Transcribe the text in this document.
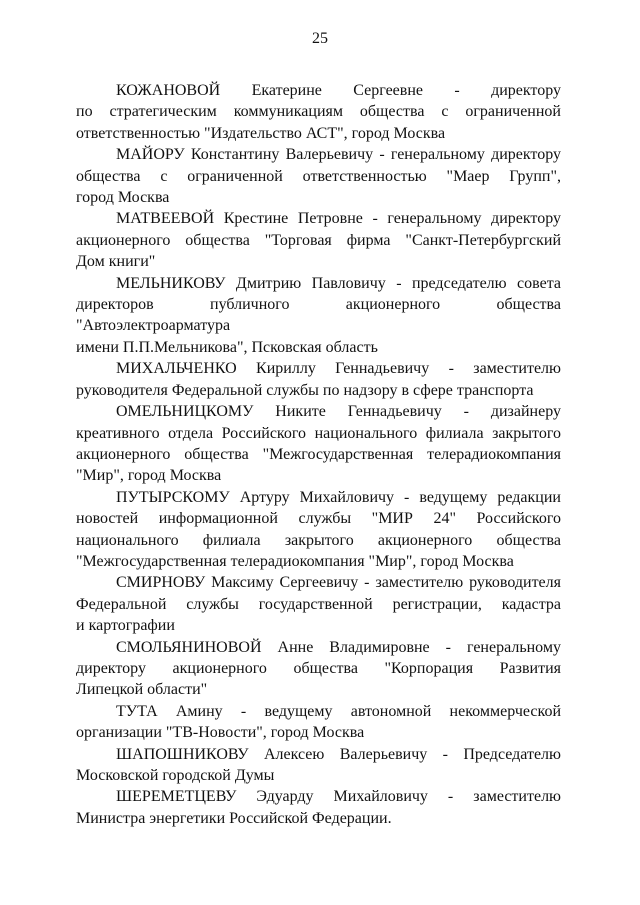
25

КОЖАНОВОЙ Екатерине Сергеевне - директору
по стратегическим коммуникациям общества с ограниченной
ответственностью "Издательство АСТ", город Москва

МАЙОРУ Константину Валерьевичу - генеральному директору
общества с ограниченной ответственностью "Маер Групп",
город Москва

МАТВЕЕВОЙ Крестине Петровне - генеральному директору
акционерного общества "Торговая фирма "Санкт-Петербургский
Дом книги"

МЕЛЬНИКОВУ Дмитрию Павловичу - председателю совета
директоров публичного акционерного общества "Автоэлектроарматура
имени П.П.Мельникова", Псковская область

МИХАЛЬЧЕНКО Кириллу Геннадьевичу - заместителю
руководителя Федеральной службы по надзору в сфере транспорта

ОМЕЛЬНИЦКОМУ Никите Геннадьевичу - дизайнеру
креативного отдела Российского национального филиала закрытого
акционерного общества "Межгосударственная телерадиокомпания
"Мир", город Москва

ПУТЫРСКОМУ Артуру Михайловичу - ведущему редакции
новостей информационной службы "МИР 24" Российского
национального филиала закрытого акционерного общества
"Межгосударственная телерадиокомпания "Мир", город Москва

СМИРНОВУ Максиму Сергеевичу - заместителю руководителя
Федеральной службы государственной регистрации, кадастра
и картографии

СМОЛЬЯНИНОВОЙ Анне Владимировне - генеральному
директору акционерного общества "Корпорация Развития
Липецкой области"

ТУТА Амину - ведущему автономной некоммерческой
организации "ТВ-Новости", город Москва

ШАПОШНИКОВУ Алексею Валерьевичу - Председателю
Московской городской Думы

ШЕРЕМЕТЦЕВУ Эдуарду Михайловичу - заместителю
Министра энергетики Российской Федерации.
